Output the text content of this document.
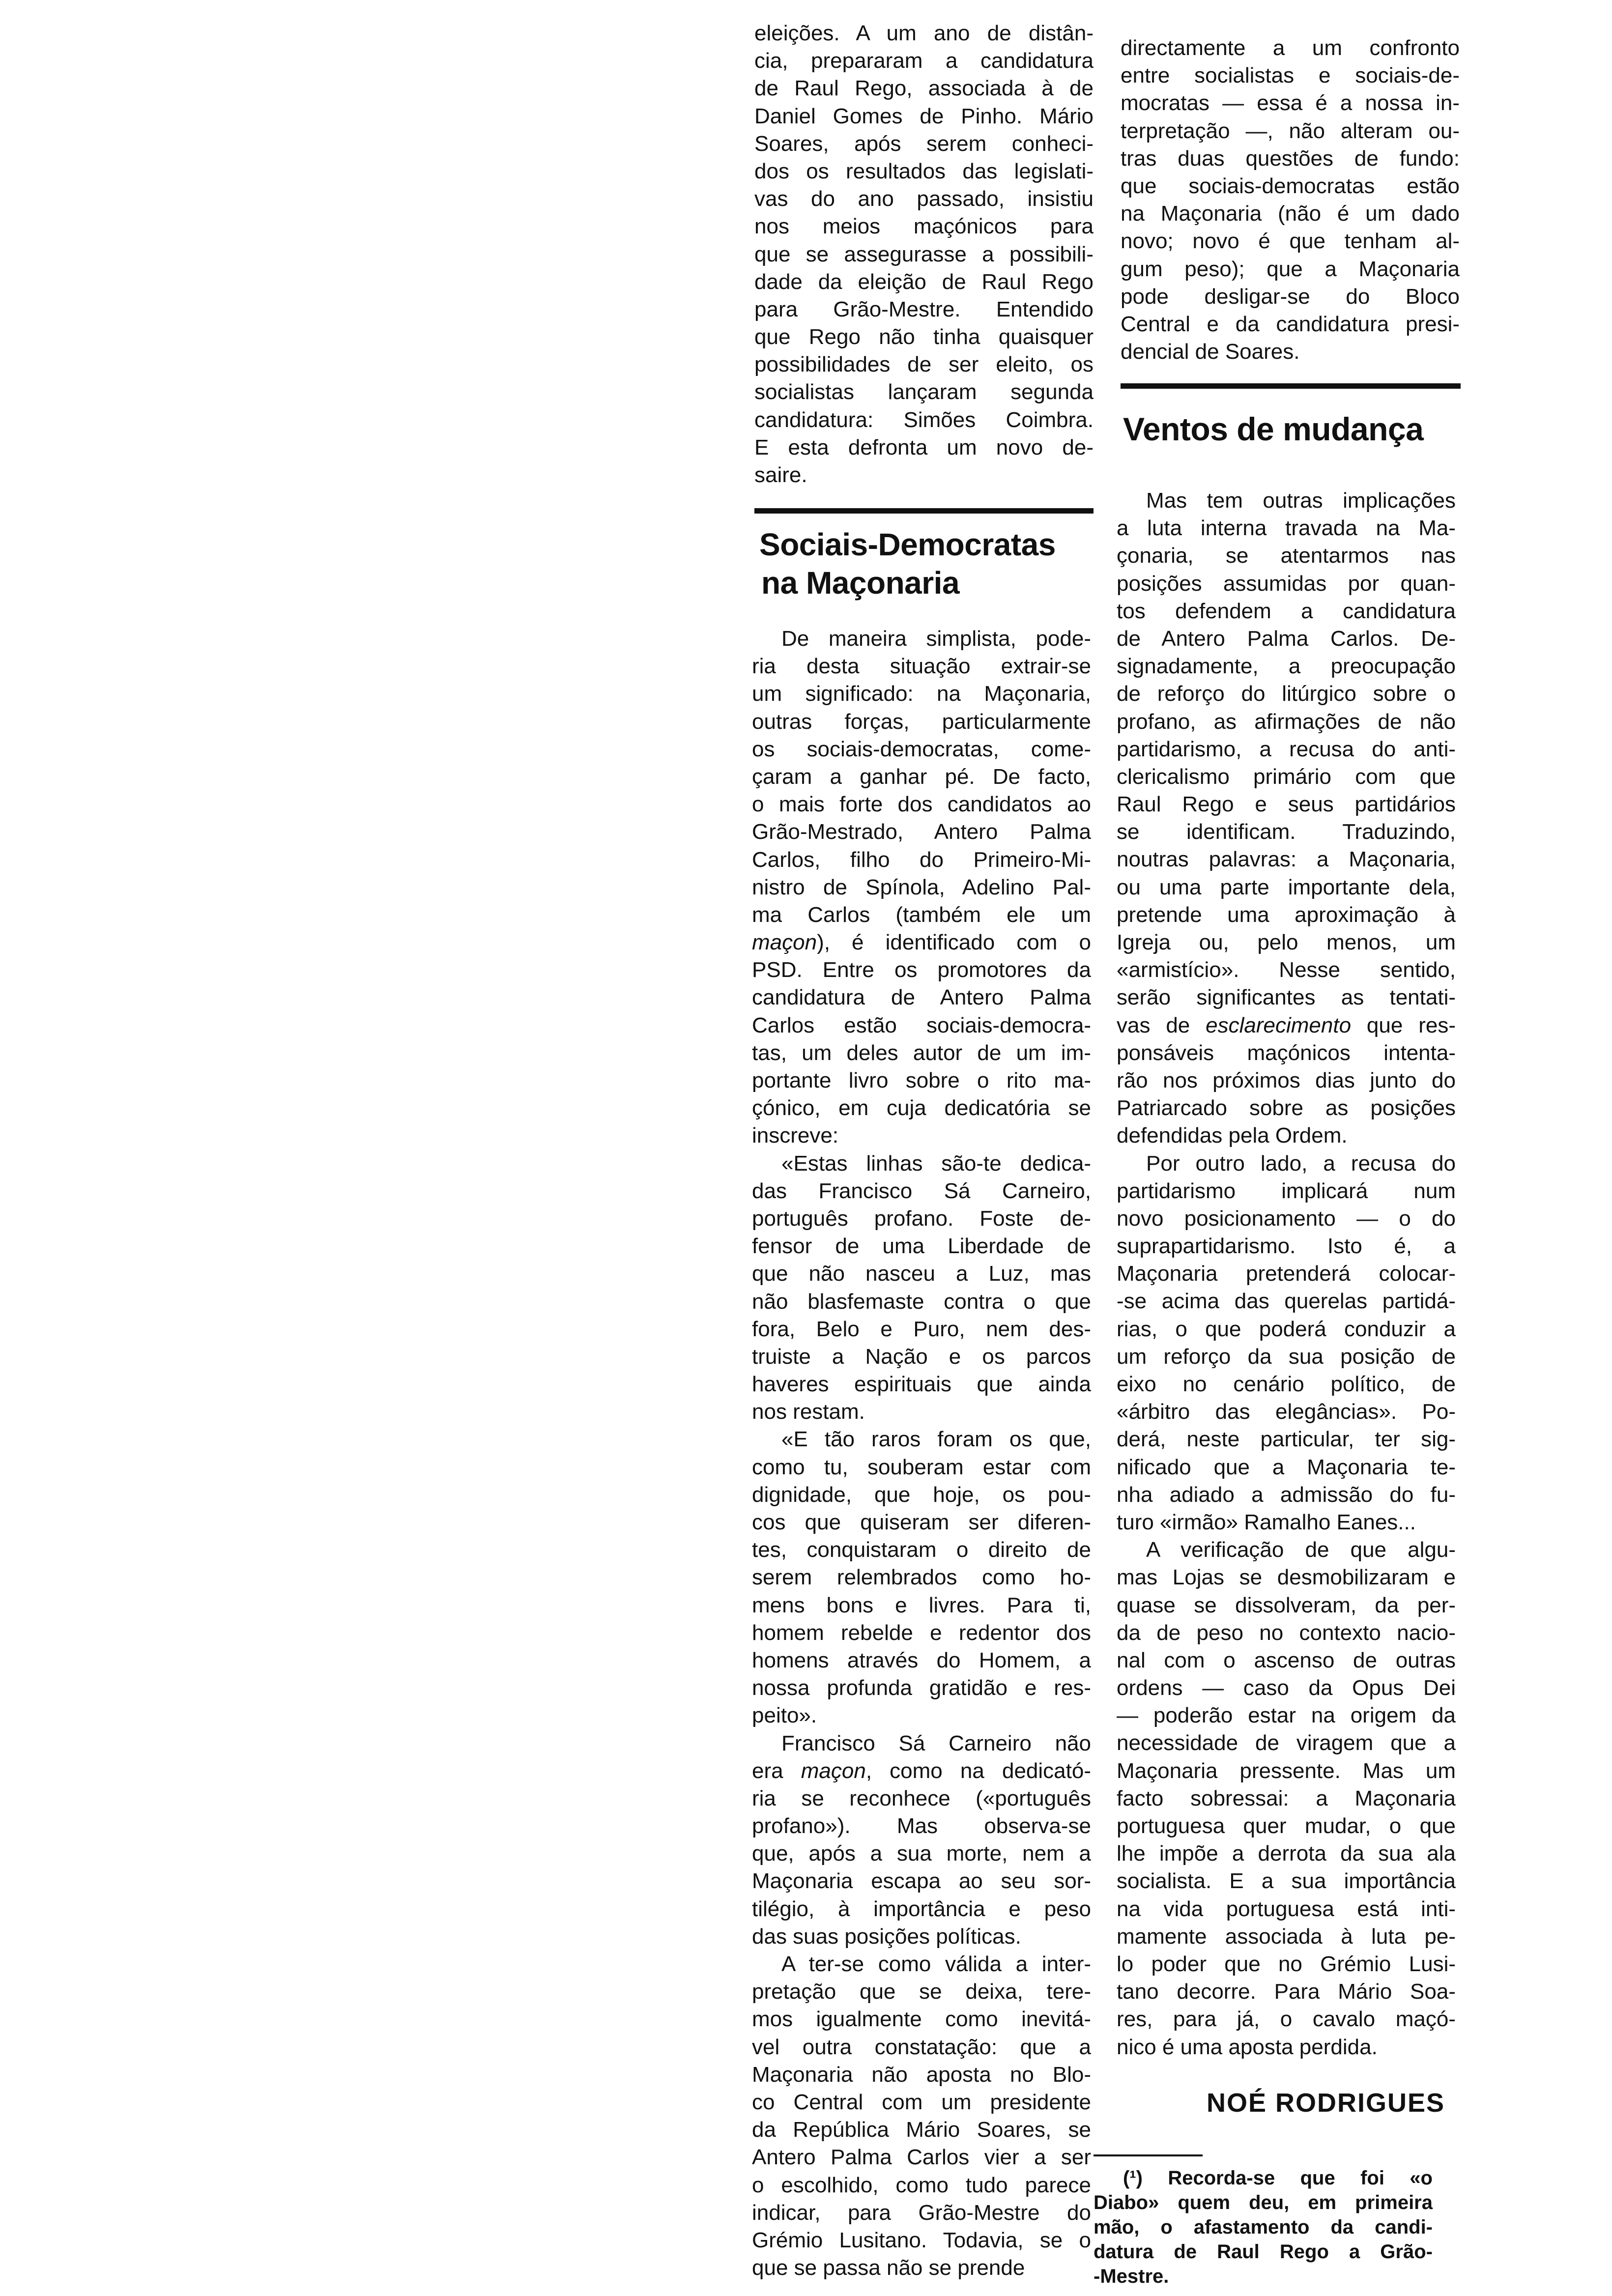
eleições. A um ano de distân-
cia, prepararam a candidatura
de Raul Rego, associada à de
Daniel Gomes de Pinho. Mário
Soares, após serem conheci-
dos os resultados das legislati-
vas do ano passado, insistiu
nos meios maçónicos para
que se assegurasse a possibili-
dade da eleição de Raul Rego
para Grão-Mestre. Entendido
que Rego não tinha quaisquer
possibilidades de ser eleito, os
socialistas lançaram segunda
candidatura: Simões Coimbra.
E esta defronta um novo de-
saire.
Sociais-Democratas
na Maçonaria
De maneira simplista, pode-
ria desta situação extrair-se
um significado: na Maçonaria,
outras forças, particularmente
os sociais-democratas, come-
çaram a ganhar pé. De facto,
o mais forte dos candidatos ao
Grão-Mestrado, Antero Palma
Carlos, filho do Primeiro-Mi-
nistro de Spínola, Adelino Pal-
ma Carlos (também ele um
maçon), é identificado com o
PSD. Entre os promotores da
candidatura de Antero Palma
Carlos estão sociais-democra-
tas, um deles autor de um im-
portante livro sobre o rito ma-
çónico, em cuja dedicatória se
inscreve:
«Estas linhas são-te dedica-
das Francisco Sá Carneiro,
português profano. Foste de-
fensor de uma Liberdade de
que não nasceu a Luz, mas
não blasfemaste contra o que
fora, Belo e Puro, nem des-
truiste a Nação e os parcos
haveres espirituais que ainda
nos restam.
«E tão raros foram os que,
como tu, souberam estar com
dignidade, que hoje, os pou-
cos que quiseram ser diferen-
tes, conquistaram o direito de
serem relembrados como ho-
mens bons e livres. Para ti,
homem rebelde e redentor dos
homens através do Homem, a
nossa profunda gratidão e res-
peito».
Francisco Sá Carneiro não
era maçon, como na dedicató-
ria se reconhece («português
profano»). Mas observa-se
que, após a sua morte, nem a
Maçonaria escapa ao seu sor-
tilégio, à importância e peso
das suas posições políticas.
A ter-se como válida a inter-
pretação que se deixa, tere-
mos igualmente como inevitá-
vel outra constatação: que a
Maçonaria não aposta no Blo-
co Central com um presidente
da República Mário Soares, se
Antero Palma Carlos vier a ser
o escolhido, como tudo parece
indicar, para Grão-Mestre do
Grémio Lusitano. Todavia, se o
que se passa não se prende
directamente a um confronto
entre socialistas e sociais-de-
mocratas — essa é a nossa in-
terpretação —, não alteram ou-
tras duas questões de fundo:
que sociais-democratas estão
na Maçonaria (não é um dado
novo; novo é que tenham al-
gum peso); que a Maçonaria
pode desligar-se do Bloco
Central e da candidatura presi-
dencial de Soares.
Ventos de mudança
Mas tem outras implicações
a luta interna travada na Ma-
çonaria, se atentarmos nas
posições assumidas por quan-
tos defendem a candidatura
de Antero Palma Carlos. De-
signadamente, a preocupação
de reforço do litúrgico sobre o
profano, as afirmações de não
partidarismo, a recusa do anti-
clericalismo primário com que
Raul Rego e seus partidários
se identificam. Traduzindo,
noutras palavras: a Maçonaria,
ou uma parte importante dela,
pretende uma aproximação à
Igreja ou, pelo menos, um
«armistício». Nesse sentido,
serão significantes as tentati-
vas de esclarecimento que res-
ponsáveis maçónicos intenta-
rão nos próximos dias junto do
Patriarcado sobre as posições
defendidas pela Ordem.
Por outro lado, a recusa do
partidarismo implicará num
novo posicionamento — o do
suprapartidarismo. Isto é, a
Maçonaria pretenderá colocar-
-se acima das querelas partidá-
rias, o que poderá conduzir a
um reforço da sua posição de
eixo no cenário político, de
«árbitro das elegâncias». Po-
derá, neste particular, ter sig-
nificado que a Maçonaria te-
nha adiado a admissão do fu-
turo «irmão» Ramalho Eanes...
A verificação de que algu-
mas Lojas se desmobilizaram e
quase se dissolveram, da per-
da de peso no contexto nacio-
nal com o ascenso de outras
ordens — caso da Opus Dei
— poderão estar na origem da
necessidade de viragem que a
Maçonaria pressente. Mas um
facto sobressai: a Maçonaria
portuguesa quer mudar, o que
lhe impõe a derrota da sua ala
socialista. E a sua importância
na vida portuguesa está inti-
mamente associada à luta pe-
lo poder que no Grémio Lusi-
tano decorre. Para Mário Soa-
res, para já, o cavalo maçó-
nico é uma aposta perdida.
NOÉ RODRIGUES
(¹) Recorda-se que foi «o
Diabo» quem deu, em primeira
mão, o afastamento da candi-
datura de Raul Rego a Grão-
-Mestre.
